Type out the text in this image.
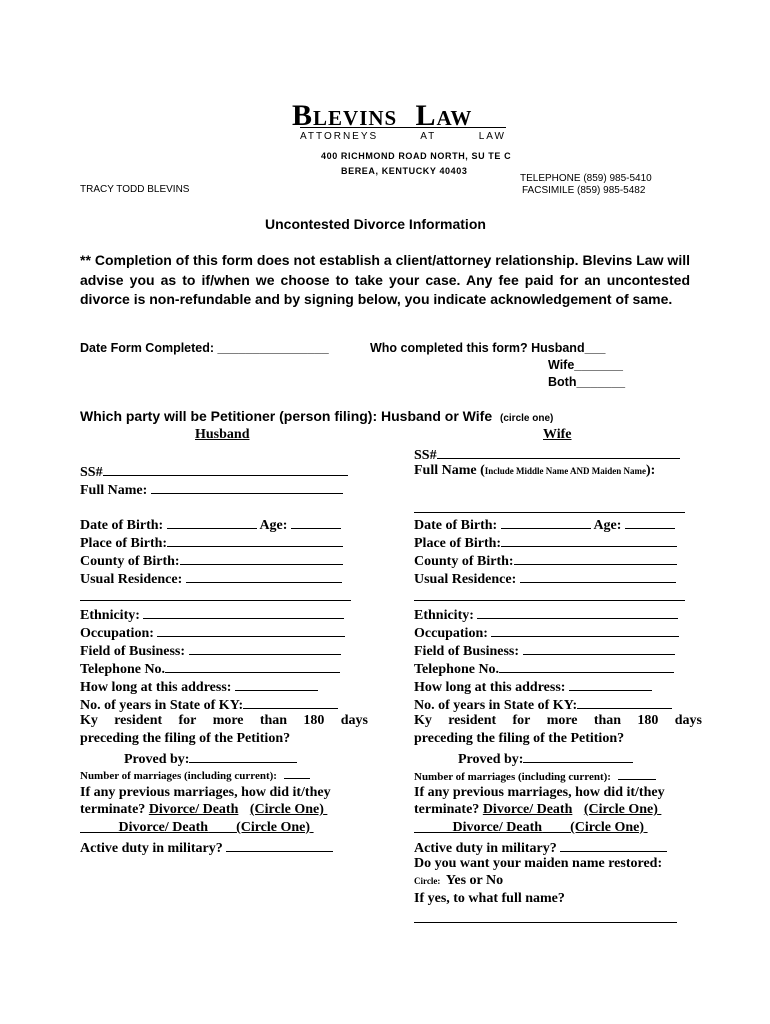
BLEVINS LAW
ATTORNEYS AT LAW
400 RICHMOND ROAD NORTH, SU TE C
BEREA, KENTUCKY 40403
TRACY TODD BLEVINS
TELEPHONE (859) 985-5410
FACSIMILE (859) 985-5482
Uncontested Divorce Information
** Completion of this form does not establish a client/attorney relationship. Blevins Law will advise you as to if/when we choose to take your case. Any fee paid for an uncontested divorce is non-refundable and by signing below, you indicate acknowledgement of same.
Date Form Completed: ________________	Who completed this form? Husband___
Wife_______
Both_______
Which party will be Petitioner (person filing): Husband or Wife (circle one)
Husband
SS#
Full Name:
Date of Birth:	Age:
Place of Birth:
County of Birth:
Usual Residence:
Ethnicity:
Occupation:
Field of Business:
Telephone No.
How long at this address:
No. of years in State of KY:
Ky resident for more than 180 days
preceding the filing of the Petition?
Proved by:
Number of marriages (including current):
If any previous marriages, how did it/they
terminate? Divorce/ Death (Circle One)
Divorce/ Death (Circle One)
Active duty in military?
Wife
SS#
Full Name (Include Middle Name AND Maiden Name):
Date of Birth:	Age:
Place of Birth:
County of Birth:
Usual Residence:
Ethnicity:
Occupation:
Field of Business:
Telephone No.
How long at this address:
No. of years in State of KY:
Ky resident for more than 180 days
preceding the filing of the Petition?
Proved by:
Number of marriages (including current):
If any previous marriages, how did it/they
terminate? Divorce/ Death (Circle One)
Divorce/ Death (Circle One)
Active duty in military?
Do you want your maiden name restored:
Circle: Yes or No
If yes, to what full name?
